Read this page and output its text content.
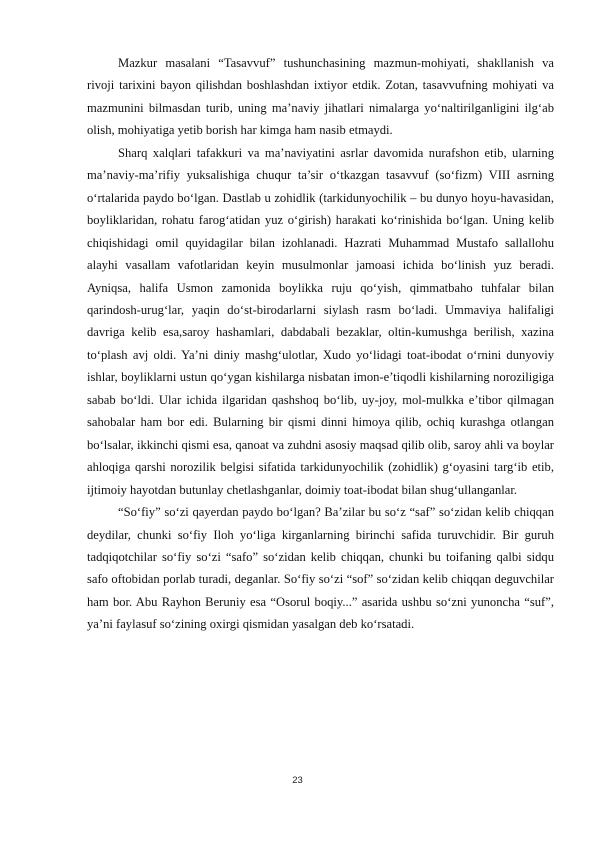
Mazkur masalani “Tasavvuf” tushunchasining mazmun-mohiyati, shakllanish va rivoji tarixini bayon qilishdan boshlashdan ixtiyor etdik. Zotan, tasavvufning mohiyati va mazmunini bilmasdan turib, uning ma’naviy jihatlari nimalarga yo‘naltirilganligini ilg‘ab olish, mohiyatiga yetib borish har kimga ham nasib etmaydi.

Sharq xalqlari tafakkuri va ma’naviyatini asrlar davomida nurafshon etib, ularning ma’naviy-ma’rifiy yuksalishiga chuqur ta’sir o‘tkazgan tasavvuf (so‘fizm) VIII asrning o‘rtalarida paydo bo‘lgan. Dastlab u zohidlik (tarkidunyochilik – bu dunyo hoyu-havasidan, boyliklaridan, rohatu farog‘atidan yuz o‘girish) harakati ko‘rinishida bo‘lgan. Uning kelib chiqishidagi omil quyidagilar bilan izohlanadi. Hazrati Muhammad Mustafo sallallohu alayhi vasallam vafotlaridan keyin musulmonlar jamoasi ichida bo‘linish yuz beradi. Ayniqsa, halifa Usmon zamonida boylikka ruju qo‘yish, qimmatbaho tuhfalar bilan qarindosh-urug‘lar, yaqin do‘st-birodarlarni siylash rasm bo‘ladi. Ummaviya halifaligi davriga kelib esa,saroy hashamlari, dabdabali bezaklar, oltin-kumushga berilish, xazina to‘plash avj oldi. Ya’ni diniy mashg‘ulotlar, Xudo yo‘lidagi toat-ibodat o‘rnini dunyoviy ishlar, boyliklarni ustun qo‘ygan kishilarga nisbatan imon-e’tiqodli kishilarning noroziligiga sabab bo‘ldi. Ular ichida ilgaridan qashshoq bo‘lib, uy-joy, mol-mulkka e’tibor qilmagan sahobalar ham bor edi. Bularning bir qismi dinni himoya qilib, ochiq kurashga otlangan bo‘lsalar, ikkinchi qismi esa, qanoat va zuhdni asosiy maqsad qilib olib, saroy ahli va boylar ahloqiga qarshi norozilik belgisi sifatida tarkidunyochilik (zohidlik) g‘oyasini targ‘ib etib, ijtimoiy hayotdan butunlay chetlashganlar, doimiy toat-ibodat bilan shug‘ullanganlar.

“So‘fiy” so‘zi qayerdan paydo bo‘lgan? Ba’zilar bu so‘z “saf” so‘zidan kelib chiqqan deydilar, chunki so‘fiy Iloh yo‘liga kirganlarning birinchi safida turuvchidir. Bir guruh tadqiqotchilar so‘fiy so‘zi “safo” so‘zidan kelib chiqqan, chunki bu toifaning qalbi sidqu safo oftobidan porlab turadi, deganlar. So‘fiy so‘zi “sof” so‘zidan kelib chiqqan deguvchilar ham bor. Abu Rayhon Beruniy esa “Osorul boqiy...” asarida ushbu so‘zni yunoncha “suf”, ya’ni faylasuf so‘zining oxirgi qismidan yasalgan deb ko‘rsatadi.

23
